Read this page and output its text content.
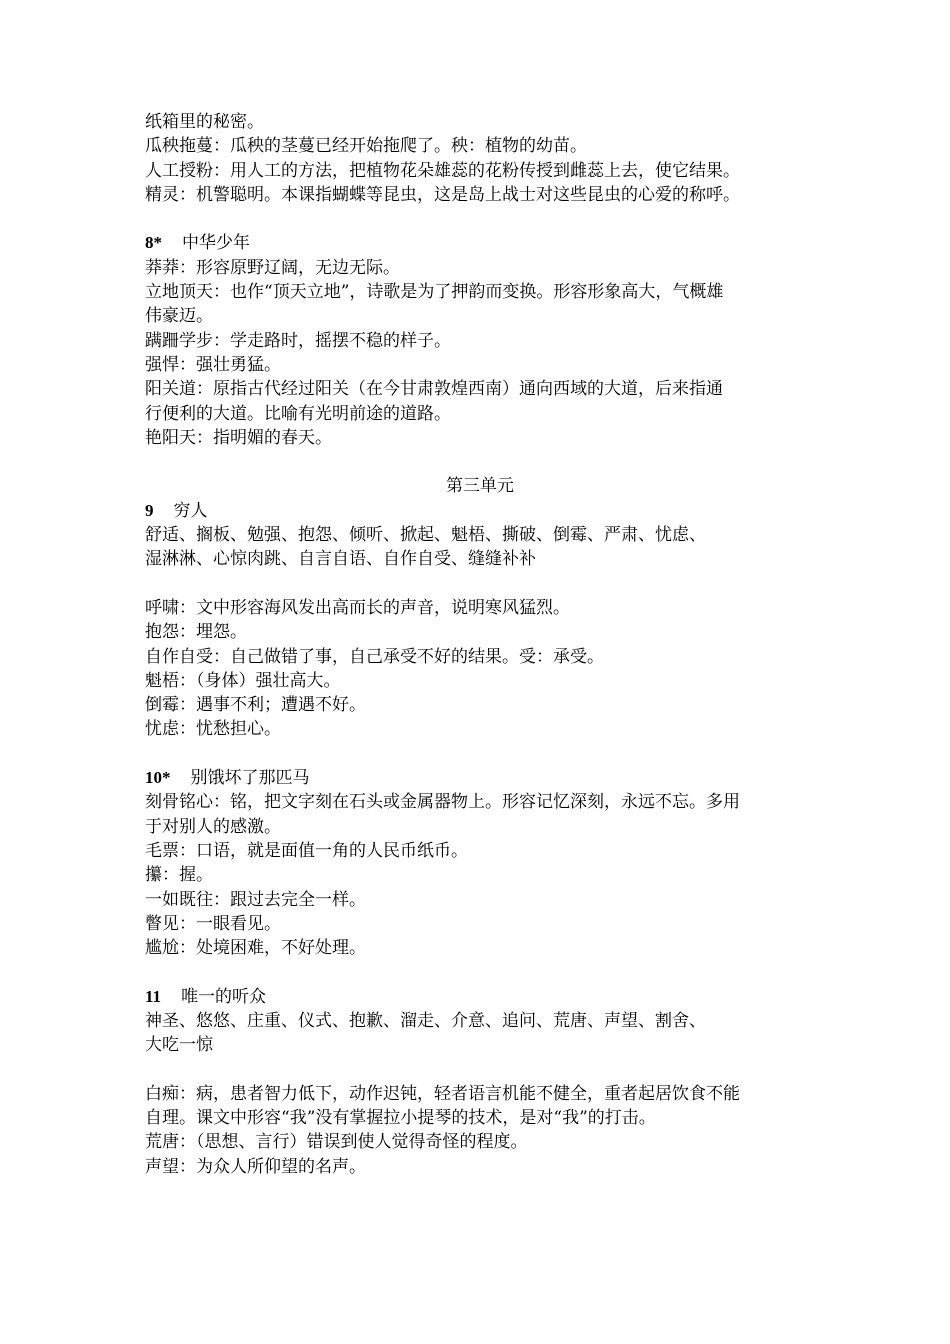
纸箱里的秘密。
瓜秧拖蔓：瓜秧的茎蔓已经开始拖爬了。秧：植物的幼苗。
人工授粉：用人工的方法，把植物花朵雄蕊的花粉传授到雌蕊上去，使它结果。
精灵：机警聪明。本课指蝴蝶等昆虫，这是岛上战士对这些昆虫的心爱的称呼。
8* 中华少年
莽莽：形容原野辽阔，无边无际。
立地顶天：也作“顶天立地”，诗歌是为了押韵而变换。形容形象高大，气概雄
伟豪迈。
蹒跚学步：学走路时，摇摆不稳的样子。
强悍：强壮勇猛。
阳关道：原指古代经过阳关（在今甘肃敦煌西南）通向西域的大道，后来指通
行便利的大道。比喻有光明前途的道路。
艳阳天：指明媚的春天。
第三单元
9 穷人
舒适、搁板、勉强、抱怨、倾听、掀起、魁梧、撕破、倒霉、严肃、忧虑、
湿淋淋、心惊肉跳、自言自语、自作自受、缝缝补补
呼啸：文中形容海风发出高而长的声音，说明寒风猛烈。
抱怨：埋怨。
自作自受：自己做错了事，自己承受不好的结果。受：承受。
魁梧：（身体）强壮高大。
倒霉：遇事不利；遭遇不好。
忧虑：忧愁担心。
10* 别饿坏了那匹马
刻骨铭心：铭，把文字刻在石头或金属器物上。形容记忆深刻，永远不忘。多用
于对别人的感激。
毛票：口语，就是面值一角的人民币纸币。
攥：握。
一如既往：跟过去完全一样。
瞥见：一眼看见。
尴尬：处境困难，不好处理。
11 唯一的听众
神圣、悠悠、庄重、仪式、抱歉、溜走、介意、追问、荒唐、声望、割舍、
大吃一惊
白痴：病，患者智力低下，动作迟钝，轻者语言机能不健全，重者起居饮食不能
自理。课文中形容“我”没有掌握拉小提琴的技术，是对“我”的打击。
荒唐：（思想、言行）错误到使人觉得奇怪的程度。
声望：为众人所仰望的名声。
